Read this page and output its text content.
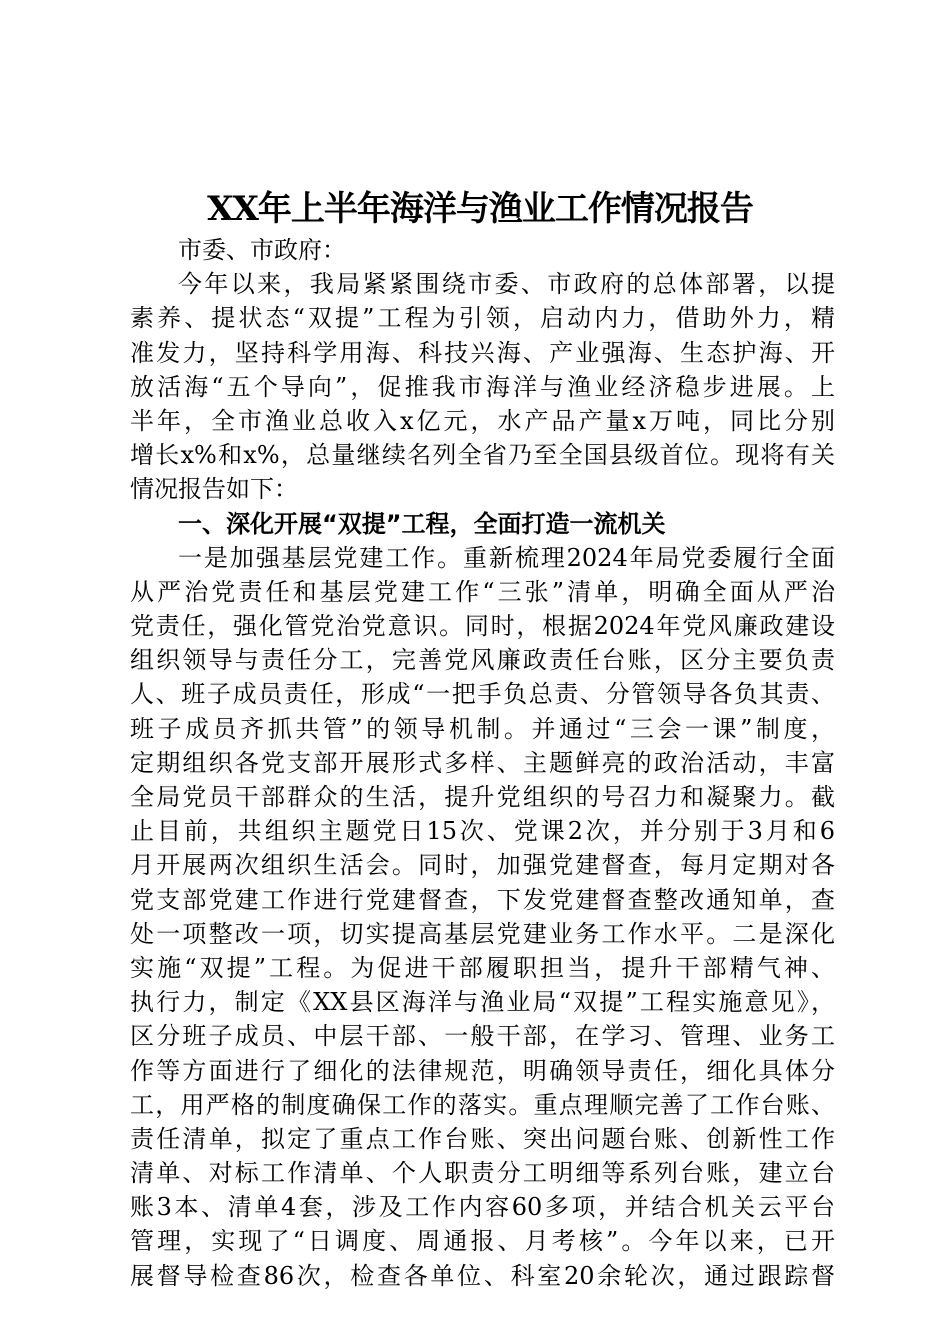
XX年上半年海洋与渔业工作情况报告
市委、市政府：
今年以来，我局紧紧围绕市委、市政府的总体部署，以提
素养、提状态“双提”工程为引领，启动内力，借助外力，精
准发力，坚持科学用海、科技兴海、产业强海、生态护海、开
放活海“五个导向”，促推我市海洋与渔业经济稳步进展。上
半年，全市渔业总收入x亿元，水产品产量x万吨，同比分别
增长x%和x%，总量继续名列全省乃至全国县级首位。现将有关
情况报告如下：
一、深化开展“双提”工程，全面打造一流机关
一是加强基层党建工作。重新梳理2024年局党委履行全面
从严治党责任和基层党建工作“三张”清单，明确全面从严治
党责任，强化管党治党意识。同时，根据2024年党风廉政建设
组织领导与责任分工，完善党风廉政责任台账，区分主要负责
人、班子成员责任，形成“一把手负总责、分管领导各负其责、
班子成员齐抓共管”的领导机制。并通过“三会一课”制度，
定期组织各党支部开展形式多样、主题鲜亮的政治活动，丰富
全局党员干部群众的生活，提升党组织的号召力和凝聚力。截
止目前，共组织主题党日15次、党课2次，并分别于3月和6
月开展两次组织生活会。同时，加强党建督查，每月定期对各
党支部党建工作进行党建督查，下发党建督查整改通知单，查
处一项整改一项，切实提高基层党建业务工作水平。二是深化
实施“双提”工程。为促进干部履职担当，提升干部精气神、
执行力，制定《XX县区海洋与渔业局“双提”工程实施意见》，
区分班子成员、中层干部、一般干部，在学习、管理、业务工
作等方面进行了细化的法律规范，明确领导责任，细化具体分
工，用严格的制度确保工作的落实。重点理顺完善了工作台账、
责任清单，拟定了重点工作台账、突出问题台账、创新性工作
清单、对标工作清单、个人职责分工明细等系列台账，建立台
账3本、清单4套，涉及工作内容60多项，并结合机关云平台
管理，实现了“日调度、周通报、月考核”。今年以来，已开
展督导检查86次，检查各单位、科室20余轮次，通过跟踪督
